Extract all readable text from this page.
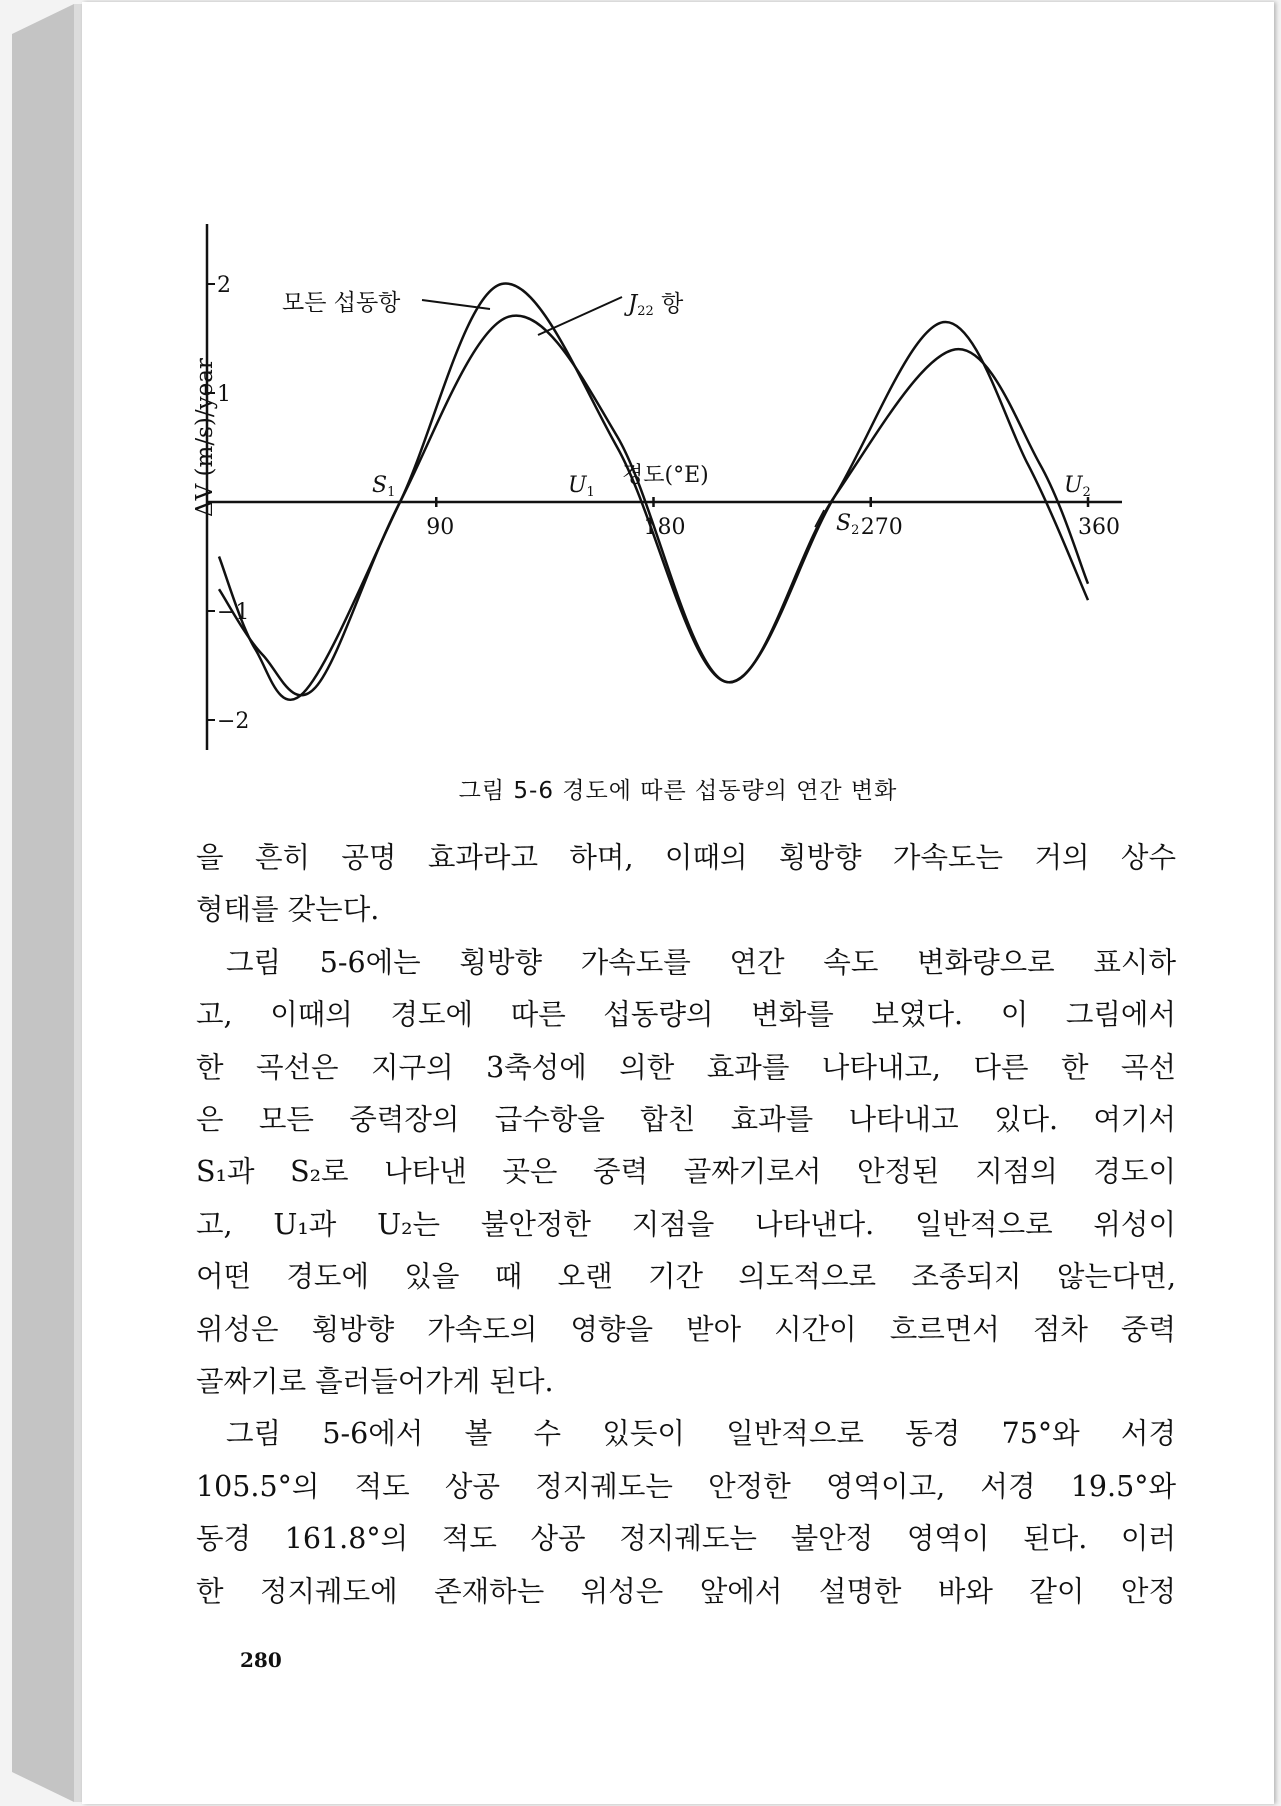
90	180	270	360
2
1
−1
−2
ΔV (m/s)/year	경도(°E)
모든 섭동항	J22 항
S1	U1
S2
U2
그림 5-6 경도에 따른 섭동량의 연간 변화
을 흔히 공명 효과라고 하며, 이때의 횡방향 가속도는 거의 상수
형태를 갖는다.
그림 5-6에는 횡방향 가속도를 연간 속도 변화량으로 표시하
고, 이때의 경도에 따른 섭동량의 변화를 보였다. 이 그림에서
한 곡선은 지구의 3축성에 의한 효과를 나타내고, 다른 한 곡선
은 모든 중력장의 급수항을 합친 효과를 나타내고 있다. 여기서
S₁과 S₂로 나타낸 곳은 중력 골짜기로서 안정된 지점의 경도이
고, U₁과 U₂는 불안정한 지점을 나타낸다. 일반적으로 위성이
어떤 경도에 있을 때 오랜 기간 의도적으로 조종되지 않는다면,
위성은 횡방향 가속도의 영향을 받아 시간이 흐르면서 점차 중력
골짜기로 흘러들어가게 된다.
그림 5-6에서 볼 수 있듯이 일반적으로 동경 75°와 서경
105.5°의 적도 상공 정지궤도는 안정한 영역이고, 서경 19.5°와
동경 161.8°의 적도 상공 정지궤도는 불안정 영역이 된다. 이러
한 정지궤도에 존재하는 위성은 앞에서 설명한 바와 같이 안정
280
